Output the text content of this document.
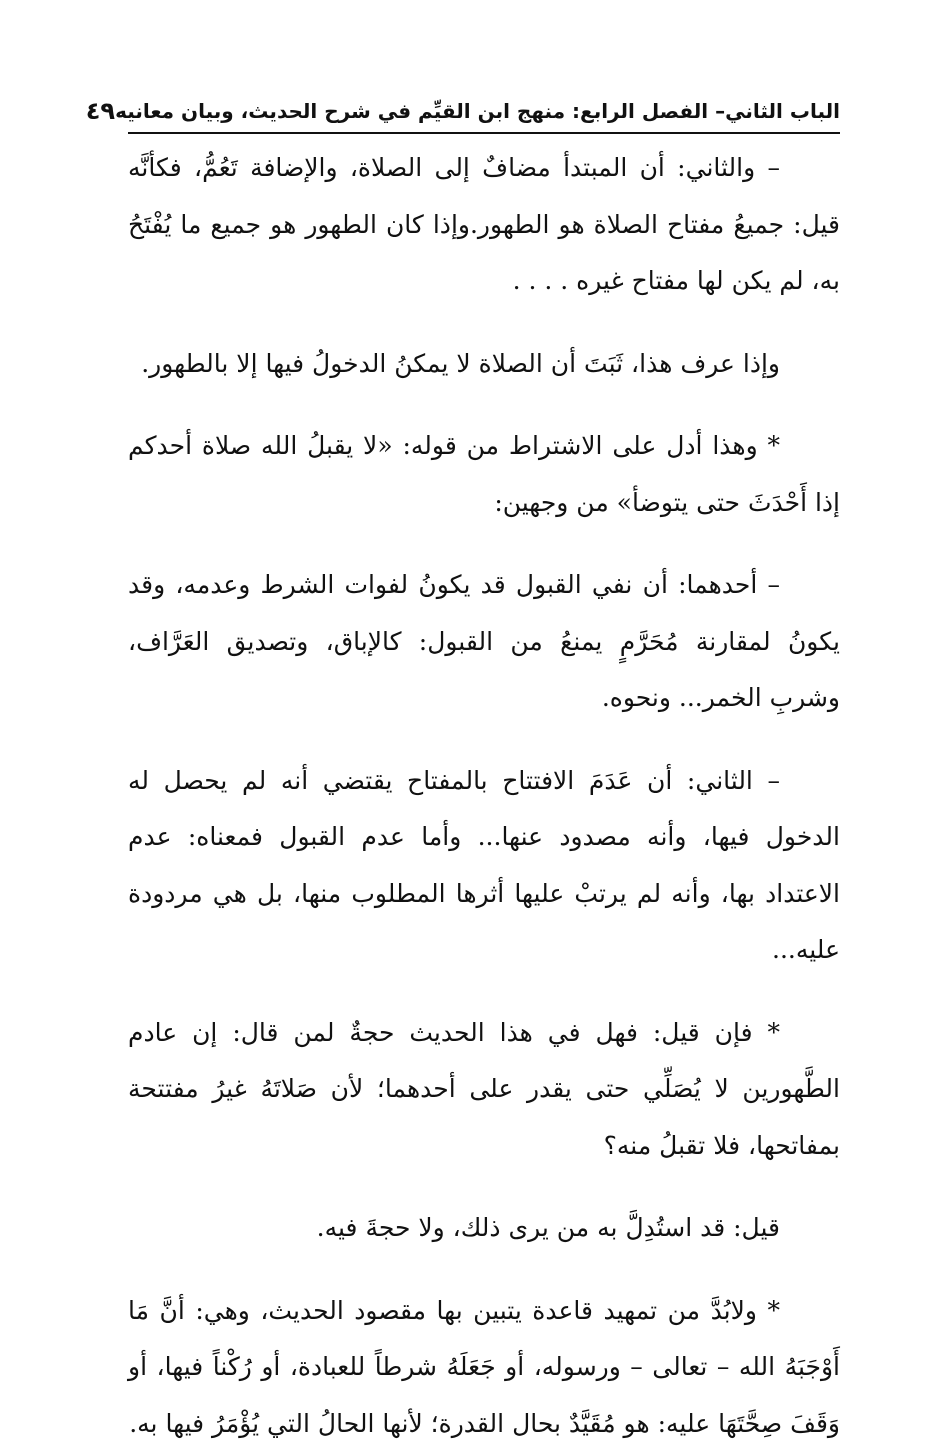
الباب الثاني– الفصل الرابع: منهج ابن القيِّم في شرح الحديث، وبيان معانيه
٤٩

– والثاني: أن المبتدأ مضافٌ إلى الصلاة، والإضافة تَعُمُّ، فكأنَّه قيل: جميعُ مفتاح الصلاة هو الطهور.وإذا كان الطهور هو جميع ما يُفْتَحُ به، لم يكن لها مفتاح غيره . . . .

وإذا عرف هذا، ثَبَتَ أن الصلاة لا يمكنُ الدخولُ فيها إلا بالطهور.

* وهذا أدل على الاشتراط من قوله: «لا يقبلُ الله صلاة أحدكم إذا أَحْدَثَ حتى يتوضأ» من وجهين:

– أحدهما: أن نفي القبول قد يكونُ لفوات الشرط وعدمه، وقد يكونُ لمقارنة مُحَرَّمٍ يمنعُ من القبول: كالإباق، وتصديق العَرَّاف، وشربِ الخمر... ونحوه.

– الثاني: أن عَدَمَ الافتتاح بالمفتاح يقتضي أنه لم يحصل له الدخول فيها، وأنه مصدود عنها... وأما عدم القبول فمعناه: عدم الاعتداد بها، وأنه لم يرتبْ عليها أثرها المطلوب منها، بل هي مردودة عليه...

* فإن قيل: فهل في هذا الحديث حجةٌ لمن قال: إن عادم الطَّهورين لا يُصَلِّي حتى يقدر على أحدهما؛ لأن صَلاتَهُ غيرُ مفتتحة بمفاتحها، فلا تقبلُ منه؟

قيل: قد استُدِلَّ به من يرى ذلك، ولا حجةَ فيه.

* ولابُدَّ من تمهيد قاعدة يتبين بها مقصود الحديث، وهي: أنَّ مَا أَوْجَبَهُ الله – تعالى – ورسوله، أو جَعَلَهُ شرطاً للعبادة، أو رُكْناً فيها، أو وَقَفَ صِحَّتَهَا عليه: هو مُقَيَّدٌ بحال القدرة؛ لأنها الحالُ التي يُؤْمَرُ فيها به.
